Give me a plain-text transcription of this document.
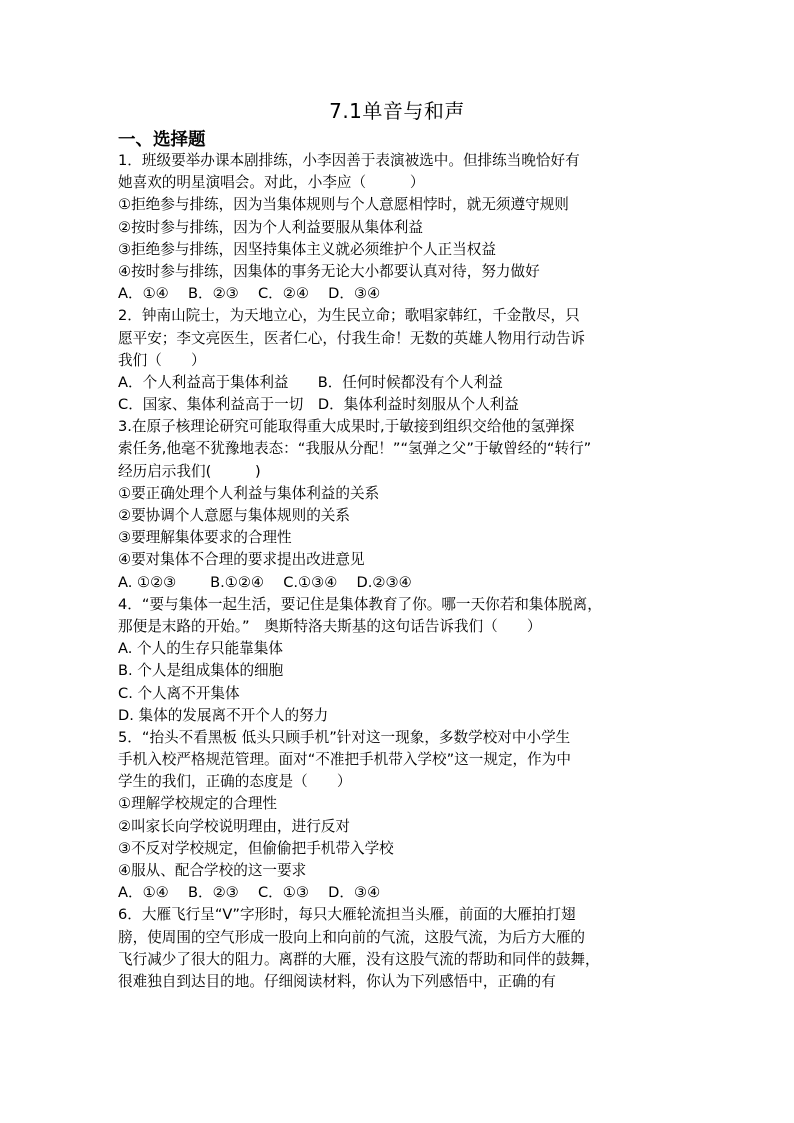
7.1单音与和声
一、选择题
1．班级要举办课本剧排练，小李因善于表演被选中。但排练当晚恰好有
她喜欢的明星演唱会。对此，小李应（　　　）
①拒绝参与排练，因为当集体规则与个人意愿相悖时，就无须遵守规则
②按时参与排练，因为个人利益要服从集体利益
③拒绝参与排练，因坚持集体主义就必须维护个人正当权益
④按时参与排练，因集体的事务无论大小都要认真对待，努力做好
A．①④　 B．②③　 C．②④　 D．③④
2．钟南山院士，为天地立心，为生民立命；歌唱家韩红，千金散尽，只
愿平安；李文亮医生，医者仁心，付我生命！无数的英雄人物用行动告诉
我们（　　）
A．个人利益高于集体利益　　B．任何时候都没有个人利益
C．国家、集体利益高于一切　D．集体利益时刻服从个人利益
3.在原子核理论研究可能取得重大成果时,于敏接到组织交给他的氢弹探
索任务,他毫不犹豫地表态：“我服从分配！”“氢弹之父”于敏曾经的“转行”
经历启示我们(　　　)
①要正确处理个人利益与集体利益的关系
②要协调个人意愿与集体规则的关系
③要理解集体要求的合理性
④要对集体不合理的要求提出改进意见
A. ①②③　　 B.①②④　 C.①③④　 D.②③④
4．“要与集体一起生活，要记住是集体教育了你。哪一天你若和集体脱离，
那便是末路的开始。”　奥斯特洛夫斯基的这句话告诉我们（　　）
A. 个人的生存只能靠集体
B. 个人是组成集体的细胞
C. 个人离不开集体
D. 集体的发展离不开个人的努力
5．“抬头不看黑板 低头只顾手机”针对这一现象，多数学校对中小学生
手机入校严格规范管理。面对“不准把手机带入学校”这一规定，作为中
学生的我们，正确的态度是（　　）
①理解学校规定的合理性
②叫家长向学校说明理由，进行反对
③不反对学校规定，但偷偷把手机带入学校
④服从、配合学校的这一要求
A．①④　 B．②③　 C．①③　 D．③④
6．大雁飞行呈“V”字形时，每只大雁轮流担当头雁，前面的大雁拍打翅
膀，使周围的空气形成一股向上和向前的气流，这股气流，为后方大雁的
飞行减少了很大的阻力。离群的大雁，没有这股气流的帮助和同伴的鼓舞，
很难独自到达目的地。仔细阅读材料，你认为下列感悟中，正确的有
